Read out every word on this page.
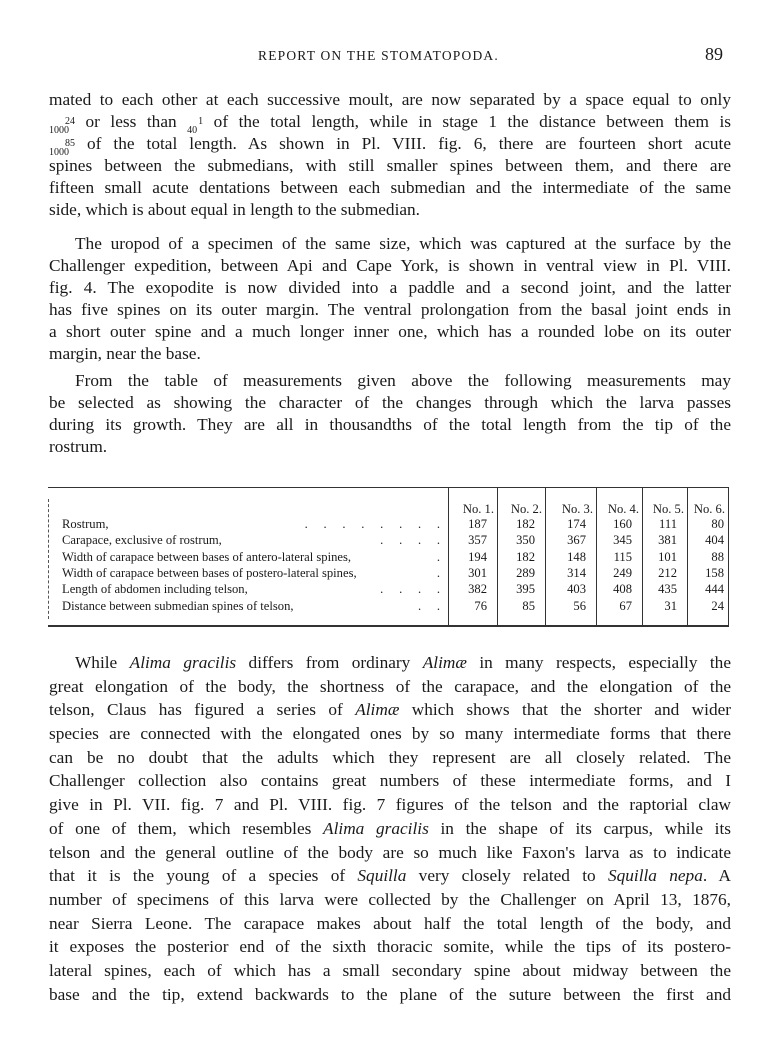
REPORT ON THE STOMATOPODA.	89
mated to each other at each successive moult, are now separated by a space equal to only
24
1000 or less than 1
40 of the total length, while in stage 1 the distance between them is
85
1000 of the total length. As shown in Pl. VIII. fig. 6, there are fourteen short acute
spines between the submedians, with still smaller spines between them, and there are
fifteen small acute dentations between each submedian and the intermediate of the same
side, which is about equal in length to the submedian.
The uropod of a specimen of the same size, which was captured at the surface by the
Challenger expedition, between Api and Cape York, is shown in ventral view in Pl. VIII.
fig. 4. The exopodite is now divided into a paddle and a second joint, and the latter
has five spines on its outer margin. The ventral prolongation from the basal joint ends in
a short outer spine and a much longer inner one, which has a rounded lobe on its outer
margin, near the base.
From the table of measurements given above the following measurements may
be selected as showing the character of the changes through which the larva passes
during its growth. They are all in thousandths of the total length from the tip of the
rostrum.
No. 1.	No. 2.	No. 3.	No. 4.	No. 5. No. 6.
Rostrum,	.     .     .     .     .     .     .     .	187	182	174	160	111	80
Carapace, exclusive of rostrum,	.     .     .     .	357	350	367	345	381	404
Width of carapace between bases of antero-lateral spines,	.	194	182	148	115	101	88
Width of carapace between bases of postero-lateral spines,	.	301	289	314	249	212	158
Length of abdomen including telson,	.     .     .     .	382	395	403	408	435	444
Distance between submedian spines of telson,	.     .	76	85	56	67	31	24
While Alima gracilis differs from ordinary Alimæ in many respects, especially the
great elongation of the body, the shortness of the carapace, and the elongation of the
telson, Claus has figured a series of Alimæ which shows that the shorter and wider
species are connected with the elongated ones by so many intermediate forms that there
can be no doubt that the adults which they represent are all closely related. The
Challenger collection also contains great numbers of these intermediate forms, and I
give in Pl. VII. fig. 7 and Pl. VIII. fig. 7 figures of the telson and the raptorial claw
of one of them, which resembles Alima gracilis in the shape of its carpus, while its
telson and the general outline of the body are so much like Faxon's larva as to indicate
that it is the young of a species of Squilla very closely related to Squilla nepa. A
number of specimens of this larva were collected by the Challenger on April 13, 1876,
near Sierra Leone. The carapace makes about half the total length of the body, and
it exposes the posterior end of the sixth thoracic somite, while the tips of its postero-
lateral spines, each of which has a small secondary spine about midway between the
base and the tip, extend backwards to the plane of the suture between the first and
